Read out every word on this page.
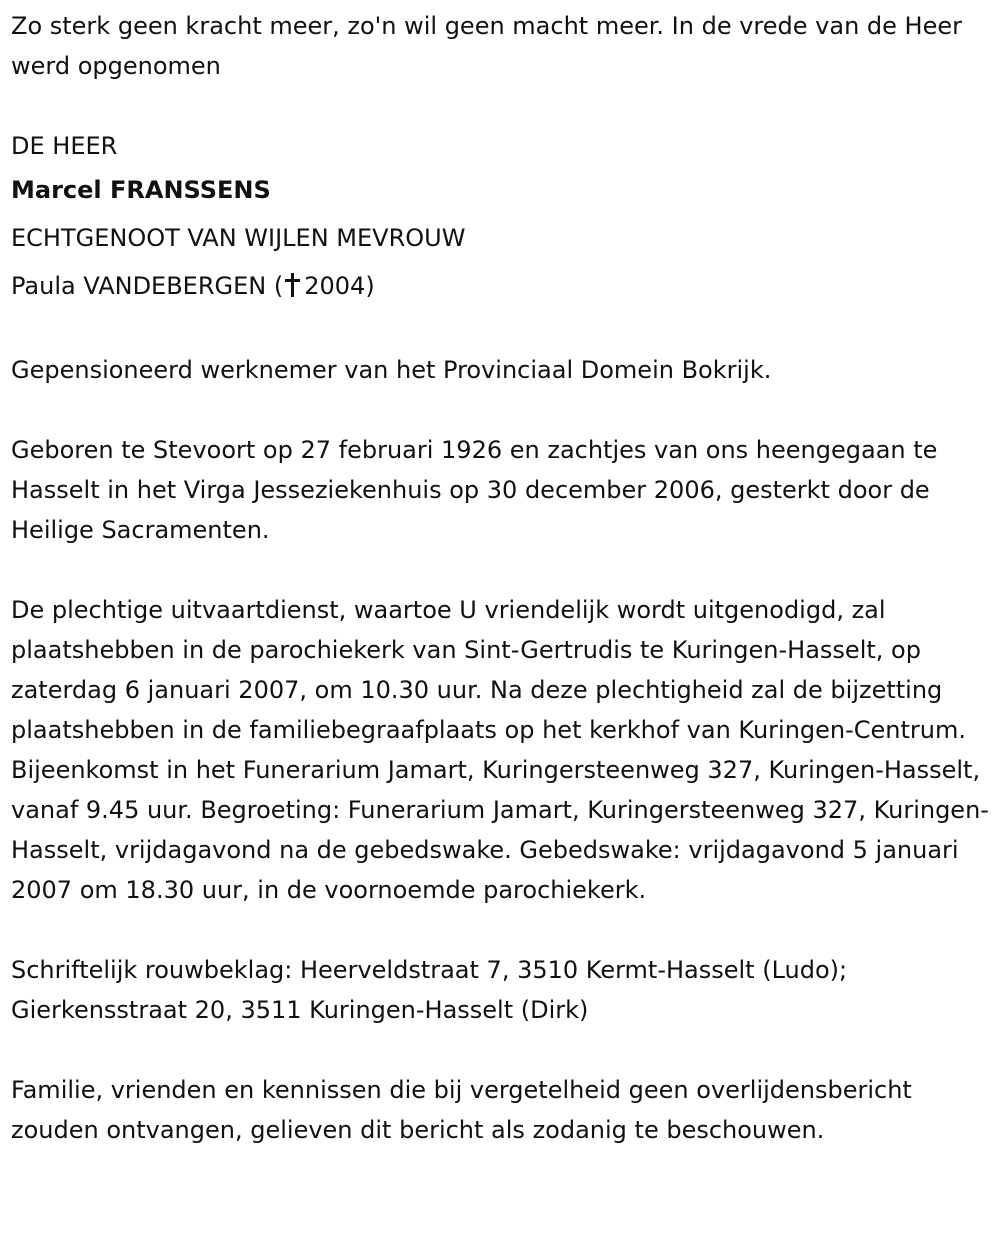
Zo sterk geen kracht meer, zo'n wil geen macht meer. In de vrede van de Heer werd opgenomen

DE HEER
Marcel FRANSSENS
ECHTGENOOT VAN WIJLEN MEVROUW
Paula VANDEBERGEN ( 2004)

Gepensioneerd werknemer van het Provinciaal Domein Bokrijk.

Geboren te Stevoort op 27 februari 1926 en zachtjes van ons heengegaan te Hasselt in het Virga Jesseziekenhuis op 30 december 2006, gesterkt door de Heilige Sacramenten.

De plechtige uitvaartdienst, waartoe U vriendelijk wordt uitgenodigd, zal plaatshebben in de parochiekerk van Sint-Gertrudis te Kuringen-Hasselt, op zaterdag 6 januari 2007, om 10.30 uur. Na deze plechtigheid zal de bijzetting plaatshebben in de familiebegraafplaats op het kerkhof van Kuringen-Centrum. Bijeenkomst in het Funerarium Jamart, Kuringersteenweg 327, Kuringen-Hasselt, vanaf 9.45 uur. Begroeting: Funerarium Jamart, Kuringersteenweg 327, Kuringen-Hasselt, vrijdagavond na de gebedswake. Gebedswake: vrijdagavond 5 januari 2007 om 18.30 uur, in de voornoemde parochiekerk.

Schriftelijk rouwbeklag: Heerveldstraat 7, 3510 Kermt-Hasselt (Ludo); Gierkensstraat 20, 3511 Kuringen-Hasselt (Dirk)

Familie, vrienden en kennissen die bij vergetelheid geen overlijdensbericht zouden ontvangen, gelieven dit bericht als zodanig te beschouwen.
